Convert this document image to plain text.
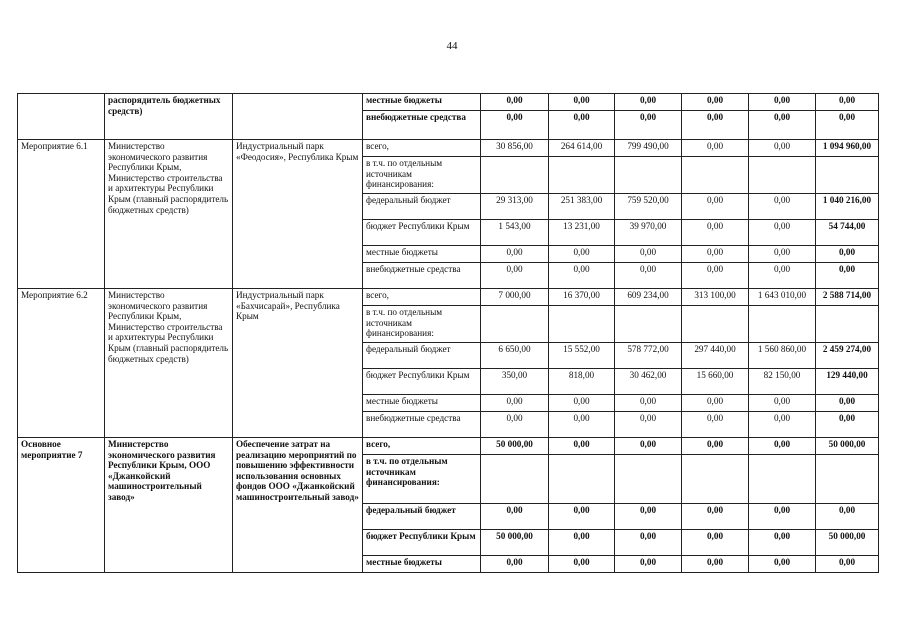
44
	распорядитель бюджетных средств)		местные бюджеты	0,00	0,00	0,00	0,00	0,00	0,00
			внебюджетные средства	0,00	0,00	0,00	0,00	0,00	0,00
Мероприятие 6.1	Министерство экономического развития Республики Крым, Министерство строительства и архитектуры Республики Крым (главный распорядитель бюджетных средств)	Индустриальный парк «Феодосия», Республика Крым	всего,	30 856,00	264 614,00	799 490,00	0,00	0,00	1 094 960,00
			в т.ч. по отдельным источникам финансирования:						
			федеральный бюджет	29 313,00	251 383,00	759 520,00	0,00	0,00	1 040 216,00
			бюджет Республики Крым	1 543,00	13 231,00	39 970,00	0,00	0,00	54 744,00
			местные бюджеты	0,00	0,00	0,00	0,00	0,00	0,00
			внебюджетные средства	0,00	0,00	0,00	0,00	0,00	0,00
Мероприятие 6.2	Министерство экономического развития Республики Крым, Министерство строительства и архитектуры Республики Крым (главный распорядитель бюджетных средств)	Индустриальный парк «Бахчисарай», Республика Крым	всего,	7 000,00	16 370,00	609 234,00	313 100,00	1 643 010,00	2 588 714,00
			в т.ч. по отдельным источникам финансирования:						
			федеральный бюджет	6 650,00	15 552,00	578 772,00	297 440,00	1 560 860,00	2 459 274,00
			бюджет Республики Крым	350,00	818,00	30 462,00	15 660,00	82 150,00	129 440,00
			местные бюджеты	0,00	0,00	0,00	0,00	0,00	0,00
			внебюджетные средства	0,00	0,00	0,00	0,00	0,00	0,00
Основное мероприятие 7	Министерство экономического развития Республики Крым, ООО «Джанкойский машиностроительный завод»	Обеспечение затрат на реализацию мероприятий по повышению эффективности использования основных фондов ООО «Джанкойский машиностроительный завод»	всего,	50 000,00	0,00	0,00	0,00	0,00	50 000,00
			в т.ч. по отдельным источникам финансирования:						
			федеральный бюджет	0,00	0,00	0,00	0,00	0,00	0,00
			бюджет Республики Крым	50 000,00	0,00	0,00	0,00	0,00	50 000,00
			местные бюджеты	0,00	0,00	0,00	0,00	0,00	0,00
